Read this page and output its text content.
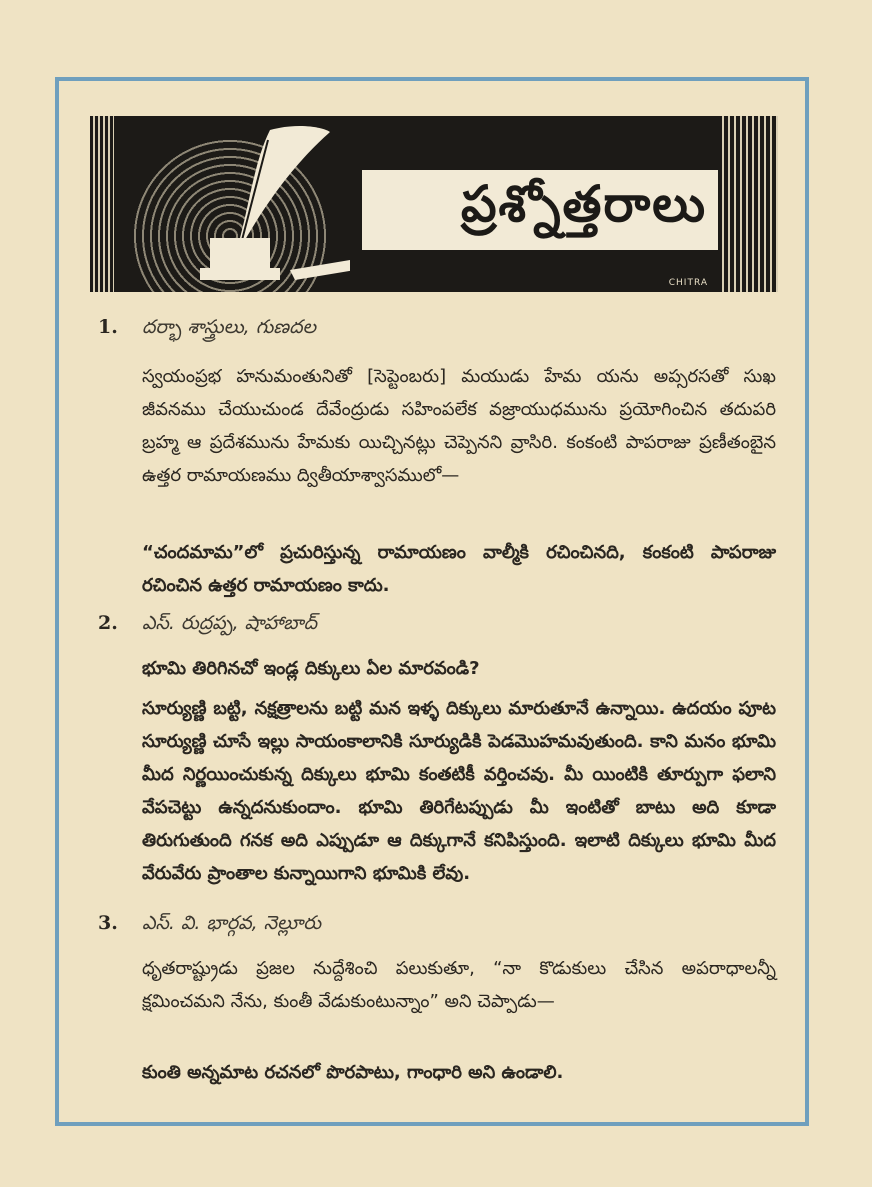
ప్రశ్నోత్తరాలు
CHITRA
1. దర్భా శాస్త్రులు, గుణదల
స్వయంప్రభ హనుమంతునితో [సెప్టెంబరు] మయుడు హేమ యను అప్సరసతో సుఖ జీవనము చేయుచుండ దేవేంద్రుడు సహింపలేక వజ్రాయుధమును ప్రయోగించిన తదుపరి బ్రహ్మ ఆ ప్రదేశమును హేమకు యిచ్చినట్లు చెప్పెనని వ్రాసిరి. కంకంటి పాపరాజు ప్రణీతంబైన ఉత్తర రామాయణము ద్వితీయాశ్వాసములో—
“చందమామ”లో ప్రచురిస్తున్న రామాయణం వాల్మీకి రచించినది, కంకంటి పాపరాజు రచించిన ఉత్తర రామాయణం కాదు.
2. ఎస్. రుద్రప్ప, షాహాబాద్
భూమి తిరిగినచో ఇండ్ల దిక్కులు ఏల మారవండి?
సూర్యుణ్ణి బట్టి, నక్షత్రాలను బట్టి మన ఇళ్ళ దిక్కులు మారుతూనే ఉన్నాయి. ఉదయం పూట సూర్యుణ్ణి చూసే ఇల్లు సాయంకాలానికి సూర్యుడికి పెడమొహమవుతుంది. కాని మనం భూమి మీద నిర్ణయించుకున్న దిక్కులు భూమి కంతటికీ వర్తించవు. మీ యింటికి తూర్పుగా ఫలాని వేపచెట్టు ఉన్నదనుకుందాం. భూమి తిరిగేటప్పుడు మీ ఇంటితో బాటు అది కూడా తిరుగుతుంది గనక అది ఎప్పుడూ ఆ దిక్కుగానే కనిపిస్తుంది. ఇలాటి దిక్కులు భూమి మీద వేరువేరు ప్రాంతాల కున్నాయిగాని భూమికి లేవు.
3. ఎస్. వి. భార్గవ, నెల్లూరు
ధృతరాష్ట్రుడు ప్రజల నుద్దేశించి పలుకుతూ, “నా కొడుకులు చేసిన అపరాధాలన్నీ క్షమించమని నేను, కుంతీ వేడుకుంటున్నాం” అని చెప్పాడు—
కుంతి అన్నమాట రచనలో పొరపాటు, గాంధారి అని ఉండాలి.
